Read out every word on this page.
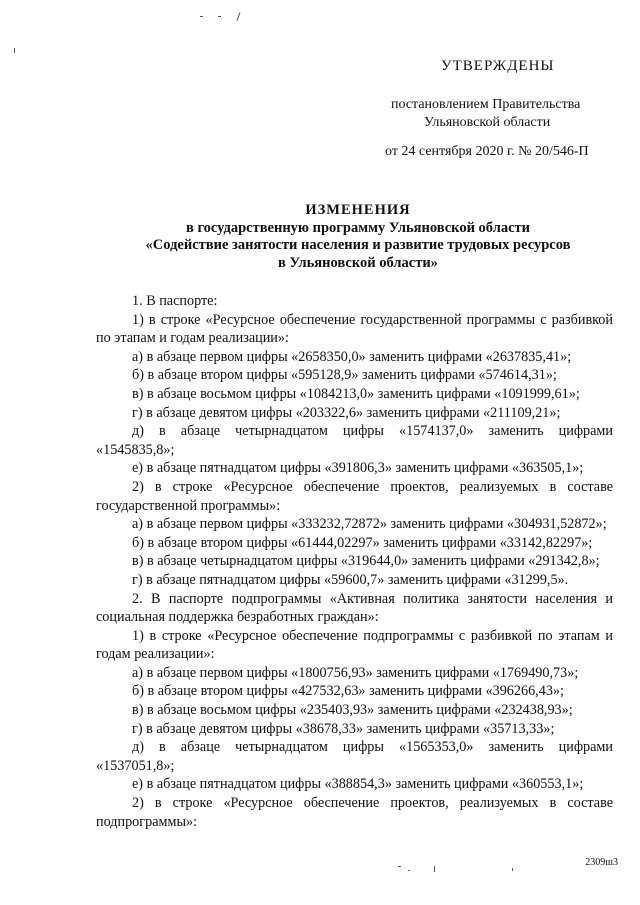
УТВЕРЖДЕНЫ
постановлением Правительства
Ульяновской области
от 24 сентября 2020 г. № 20/546-П
ИЗМЕНЕНИЯ
в государственную программу Ульяновской области
«Содействие занятости населения и развитие трудовых ресурсов
в Ульяновской области»

1. В паспорте:

1) в строке «Ресурсное обеспечение государственной программы с разбивкой по этапам и годам реализации»:

а) в абзаце первом цифры «2658350,0» заменить цифрами «2637835,41»;

б) в абзаце втором цифры «595128,9» заменить цифрами «574614,31»;

в) в абзаце восьмом цифры «1084213,0» заменить цифрами «1091999,61»;

г) в абзаце девятом цифры «203322,6» заменить цифрами «211109,21»;

д) в абзаце четырнадцатом цифры «1574137,0» заменить цифрами «1545835,8»;

е) в абзаце пятнадцатом цифры «391806,3» заменить цифрами «363505,1»;

2) в строке «Ресурсное обеспечение проектов, реализуемых в составе государственной программы»:

а) в абзаце первом цифры «333232,72872» заменить цифрами «304931,52872»;

б) в абзаце втором цифры «61444,02297» заменить цифрами «33142,82297»;

в) в абзаце четырнадцатом цифры «319644,0» заменить цифрами «291342,8»;

г) в абзаце пятнадцатом цифры «59600,7» заменить цифрами «31299,5».

2. В паспорте подпрограммы «Активная политика занятости населения и социальная поддержка безработных граждан»:

1) в строке «Ресурсное обеспечение подпрограммы с разбивкой по этапам и годам реализации»:

а) в абзаце первом цифры «1800756,93» заменить цифрами «1769490,73»;

б) в абзаце втором цифры «427532,63» заменить цифрами «396266,43»;

в) в абзаце восьмом цифры «235403,93» заменить цифрами «232438,93»;

г) в абзаце девятом цифры «38678,33» заменить цифрами «35713,33»;

д) в абзаце четырнадцатом цифры «1565353,0» заменить цифрами «1537051,8»;

е) в абзаце пятнадцатом цифры «388854,3» заменить цифрами «360553,1»;

2) в строке «Ресурсное обеспечение проектов, реализуемых в составе подпрограммы»:

2309ш3
